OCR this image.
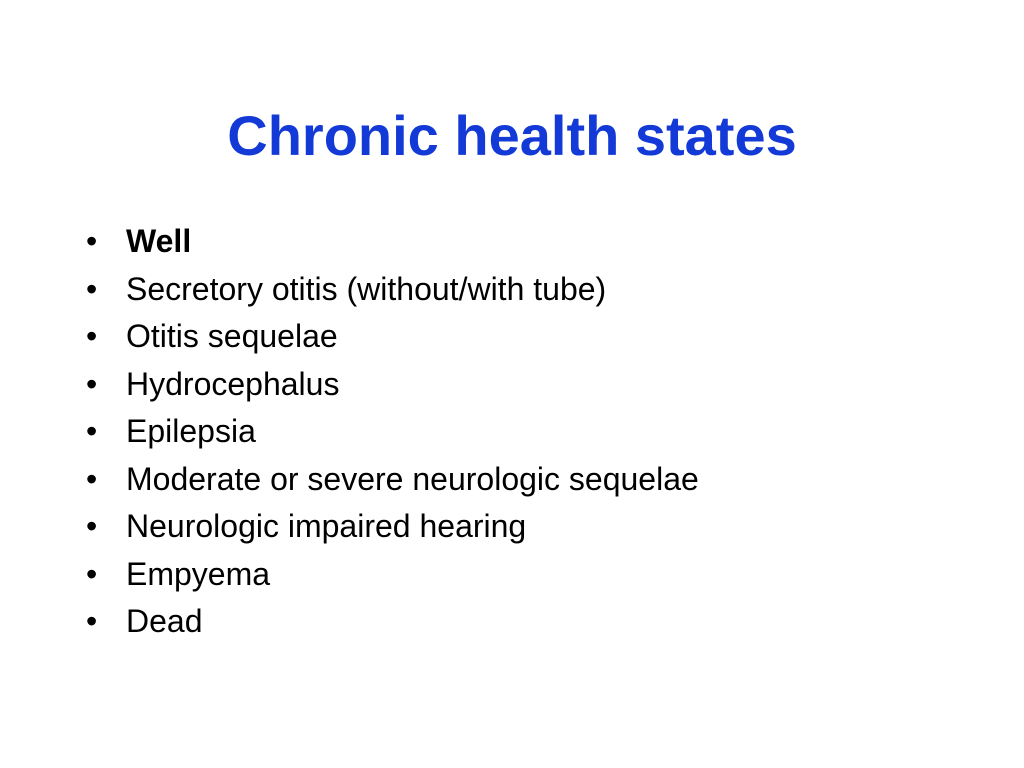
Chronic health states
• Well
• Secretory otitis (without/with tube)
• Otitis sequelae
• Hydrocephalus
• Epilepsia
• Moderate or severe neurologic sequelae
• Neurologic impaired hearing
• Empyema
• Dead
